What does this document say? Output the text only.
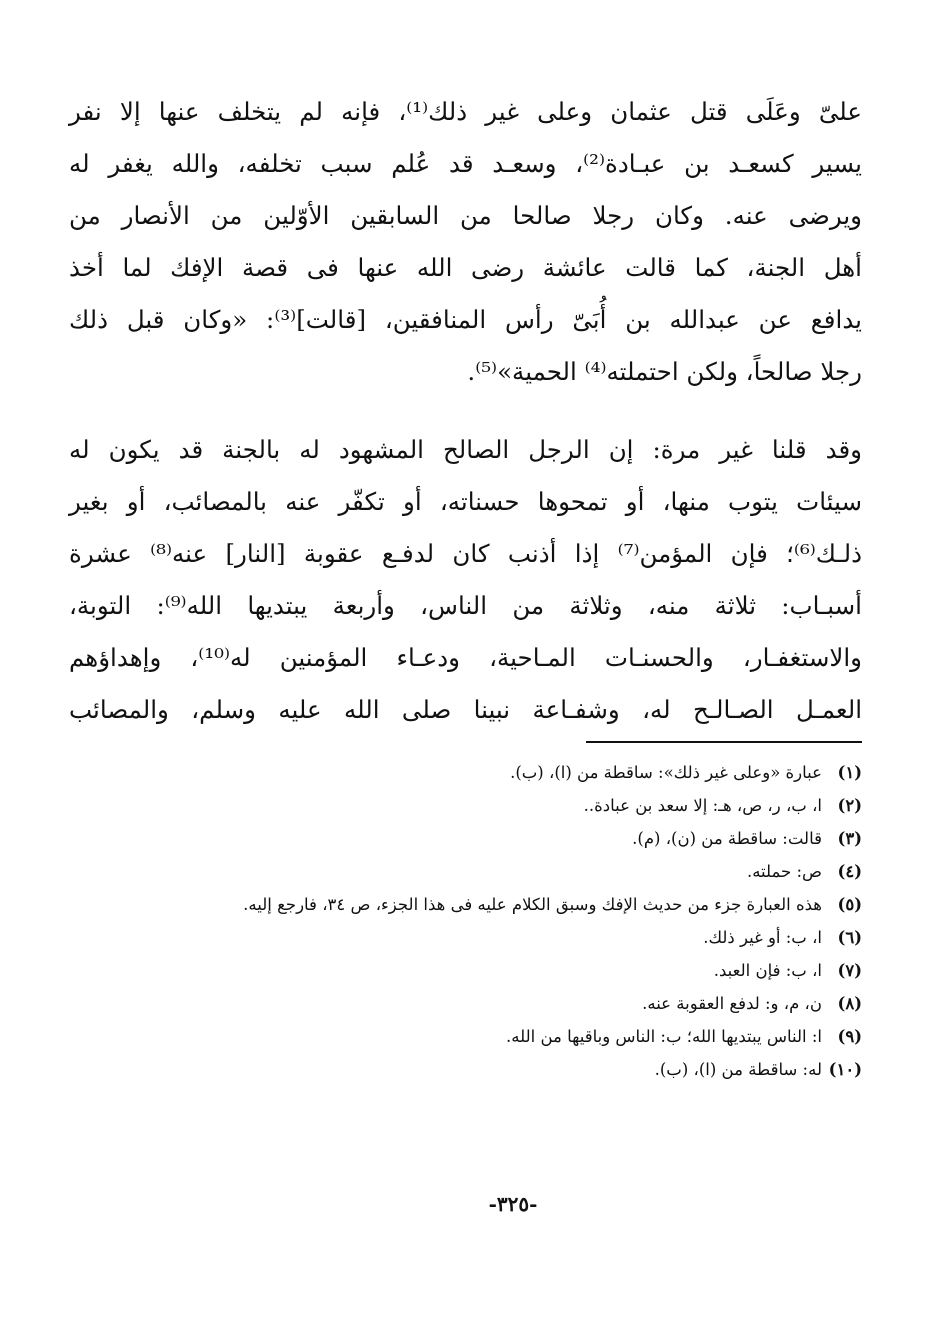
علىّ وعَلَى قتل عثمان وعلى غير ذلك⁽¹⁾، فإنه لم يتخلف عنها إلا نفر
يسير كسعـد بن عبـادة⁽²⁾، وسعـد قد عُلم سبب تخلفه، والله يغفر له
ويرضى عنه. وكان رجلا صالحا من السابقين الأوّلين من الأنصار من
أهل الجنة، كما قالت عائشة رضى الله عنها فى قصة الإفك لما أخذ
يدافع عن عبدالله بن أُبَىّ رأس المنافقين، [قالت]⁽³⁾: «وكان قبل ذلك
رجلا صالحاً، ولكن احتملته⁽⁴⁾ الحمية»⁽⁵⁾.
وقد قلنا غير مرة: إن الرجل الصالح المشهود له بالجنة قد يكون له
سيئات يتوب منها، أو تمحوها حسناته، أو تكفّر عنه بالمصائب، أو بغير
ذلـك⁽⁶⁾؛ فإن المؤمن⁽⁷⁾ إذا أذنب كان لدفـع عقوبة [النار] عنه⁽⁸⁾ عشرة
أسبـاب: ثلاثة منه، وثلاثة من الناس، وأربعة يبتديها الله⁽⁹⁾: التوبة،
والاستغفـار، والحسنـات المـاحية، ودعـاء المؤمنين له⁽¹⁰⁾، وإهداؤهم
العمـل الصـالـح له، وشفـاعة نبينا صلى الله عليه وسلم، والمصائب
(١)
عبارة «وعلى غير ذلك»: ساقطة من (ا)، (ب).
(٢)
ا، ب، ر، ص، هـ: إلا سعد بن عبادة..
(٣)
قالت: ساقطة من (ن)، (م).
(٤)
ص: حملته.
(٥)
هذه العبارة جزء من حديث الإفك وسبق الكلام عليه فى هذا الجزء، ص ٣٤، فارجع إليه.
(٦)
ا، ب: أو غير ذلك.
(٧)
ا، ب: فإن العبد.
(٨)
ن، م، و: لدفع العقوبة عنه.
(٩)
ا: الناس يبتديها الله؛ ب: الناس وباقيها من الله.
(١٠)
له: ساقطة من (ا)، (ب).
-٣٢٥-
